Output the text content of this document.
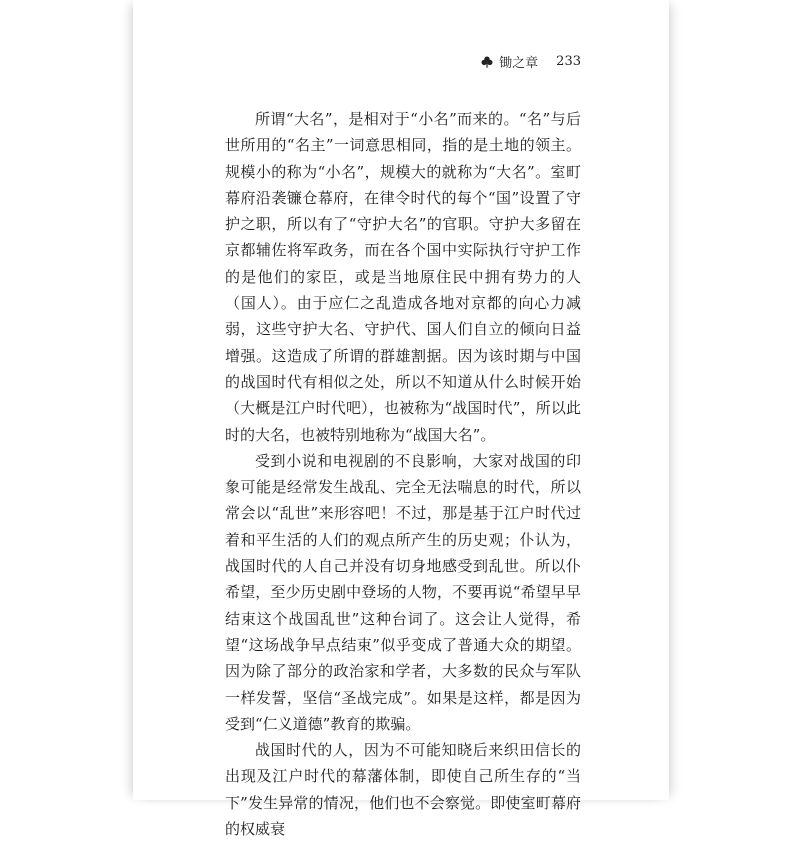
锄之章 233

所谓“大名”，是相对于“小名”而来的。“名”与后世所用的“名主”一词意思相同，指的是土地的领主。规模小的称为“小名”，规模大的就称为“大名”。室町幕府沿袭镰仓幕府，在律令时代的每个“国”设置了守护之职，所以有了“守护大名”的官职。守护大多留在京都辅佐将军政务，而在各个国中实际执行守护工作的是他们的家臣，或是当地原住民中拥有势力的人（国人）。由于应仁之乱造成各地对京都的向心力减弱，这些守护大名、守护代、国人们自立的倾向日益增强。这造成了所谓的群雄割据。因为该时期与中国的战国时代有相似之处，所以不知道从什么时候开始（大概是江户时代吧），也被称为“战国时代”，所以此时的大名，也被特别地称为“战国大名”。

受到小说和电视剧的不良影响，大家对战国的印象可能是经常发生战乱、完全无法喘息的时代，所以常会以“乱世”来形容吧！不过，那是基于江户时代过着和平生活的人们的观点所产生的历史观；仆认为，战国时代的人自己并没有切身地感受到乱世。所以仆希望，至少历史剧中登场的人物，不要再说“希望早早结束这个战国乱世”这种台词了。这会让人觉得，希望“这场战争早点结束”似乎变成了普通大众的期望。因为除了部分的政治家和学者，大多数的民众与军队一样发誓，坚信“圣战完成”。如果是这样，都是因为受到“仁义道德”教育的欺骗。

战国时代的人，因为不可能知晓后来织田信长的出现及江户时代的幕藩体制，即使自己所生存的“当下”发生异常的情况，他们也不会察觉。即使室町幕府的权威衰
